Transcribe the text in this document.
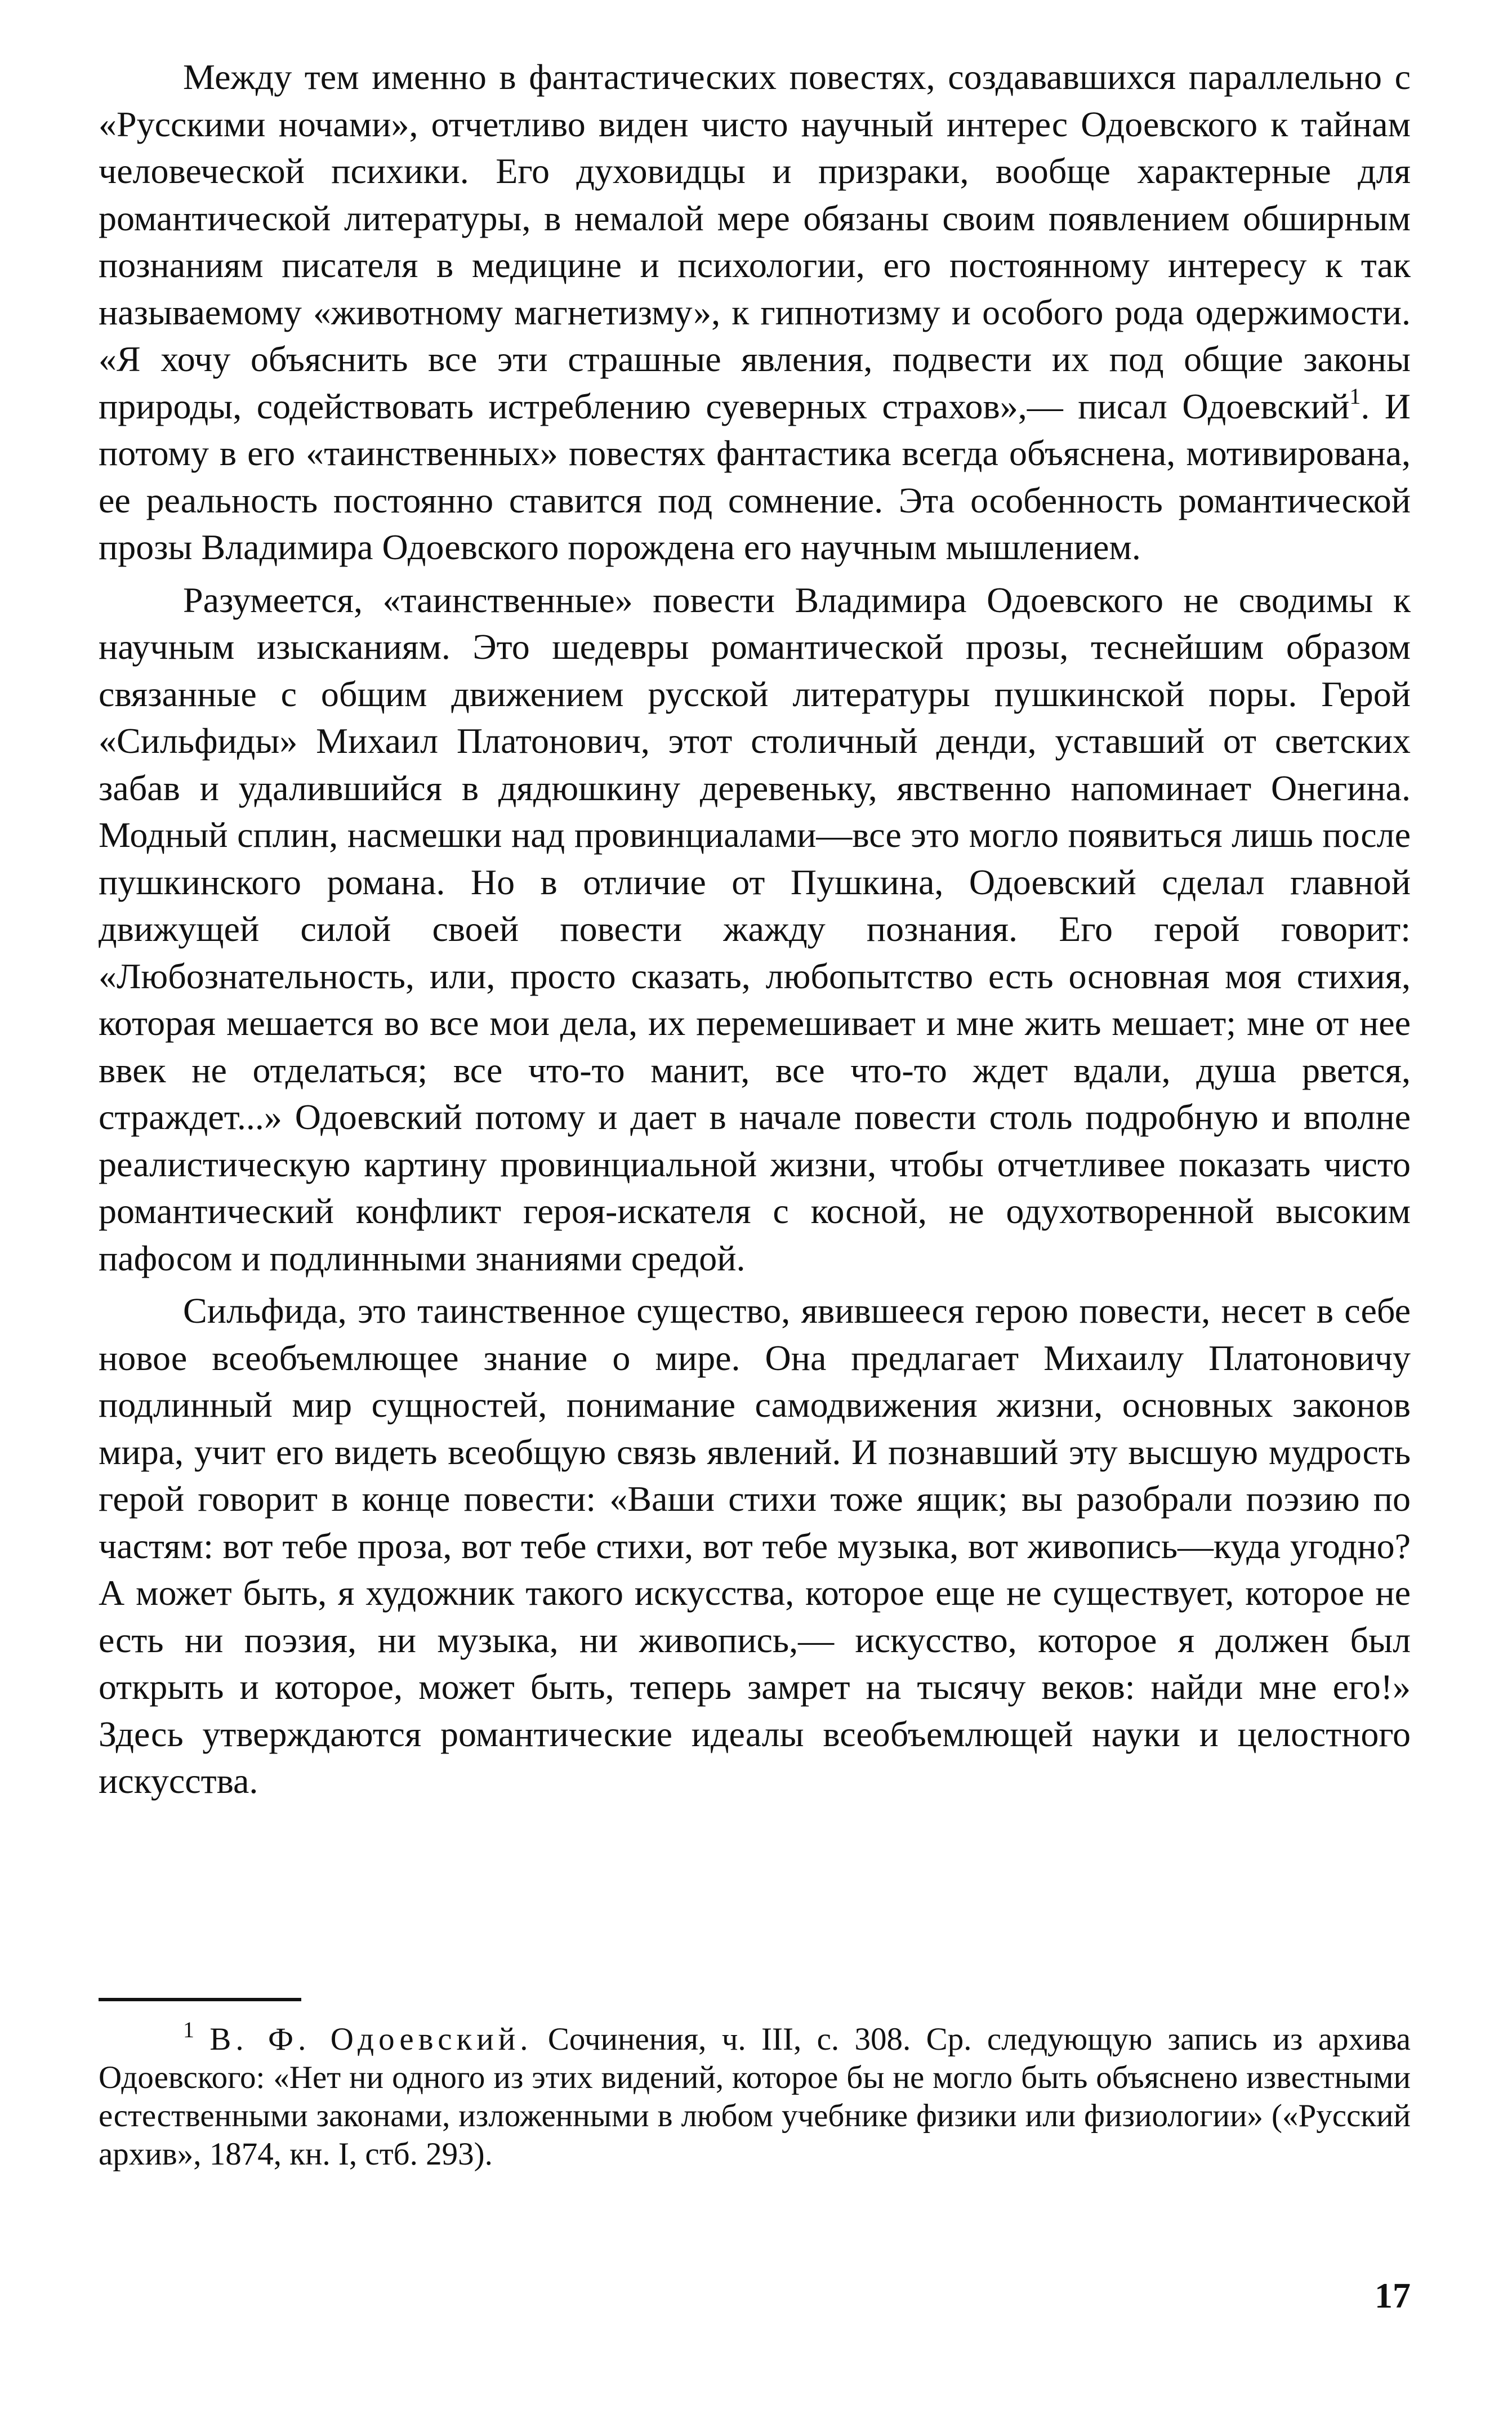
Между тем именно в фантастических повестях, создававшихся параллельно с «Русскими ночами», отчетливо виден чисто научный интерес Одоевского к тайнам человеческой психики. Его духовидцы и призраки, вообще характерные для романтической литературы, в немалой мере обязаны своим появлением обширным познаниям писателя в медицине и психологии, его постоянному интересу к так называемому «животному магнетизму», к гипнотизму и особого рода одержимости. «Я хочу объяснить все эти страшные явления, подвести их под общие законы природы, содействовать истреблению суеверных страхов»,— писал Одоевский$^1$. И потому в его «таинственных» повестях фантастика всегда объяснена, мотивирована, ее реальность постоянно ставится под сомнение. Эта особенность романтической прозы Владимира Одоевского порождена его научным мышлением.

Разумеется, «таинственные» повести Владимира Одоевского не сводимы к научным изысканиям. Это шедевры романтической прозы, теснейшим образом связанные с общим движением русской литературы пушкинской поры. Герой «Сильфиды» Михаил Платонович, этот столичный денди, уставший от светских забав и удалившийся в дядюшкину деревеньку, явственно напоминает Онегина. Модный сплин, насмешки над провинциалами—все это могло появиться лишь после пушкинского романа. Но в отличие от Пушкина, Одоевский сделал главной движущей силой своей повести жажду познания. Его герой говорит: «Любознательность, или, просто сказать, любопытство есть основная моя стихия, которая мешается во все мои дела, их перемешивает и мне жить мешает; мне от нее ввек не отделаться; все что-то манит, все что-то ждет вдали, душа рвется, страждет...» Одоевский потому и дает в начале повести столь подробную и вполне реалистическую картину провинциальной жизни, чтобы отчетливее показать чисто романтический конфликт героя-искателя с косной, не одухотворенной высоким пафосом и подлинными знаниями средой.

Сильфида, это таинственное существо, явившееся герою повести, несет в себе новое всеобъемлющее знание о мире. Она предлагает Михаилу Платоновичу подлинный мир сущностей, понимание самодвижения жизни, основных законов мира, учит его видеть всеобщую связь явлений. И познавший эту высшую мудрость герой говорит в конце повести: «Ваши стихи тоже ящик; вы разобрали поэзию по частям: вот тебе проза, вот тебе стихи, вот тебе музыка, вот живопись—куда угодно? А может быть, я художник такого искусства, которое еще не существует, которое не есть ни поэзия, ни музыка, ни живопись,— искусство, которое я должен был открыть и которое, может быть, теперь замрет на тысячу веков: найди мне его!» Здесь утверждаются романтические идеалы всеобъемлющей науки и целостного искусства.

$^1$ В. Ф. Одоевский. Сочинения, ч. III, с. 308. Ср. следующую запись из архива Одоевского: «Нет ни одного из этих видений, которое бы не могло быть объяснено известными естественными законами, изложенными в любом учебнике физики или физиологии» («Русский архив», 1874, кн. I, стб. 293).

17
